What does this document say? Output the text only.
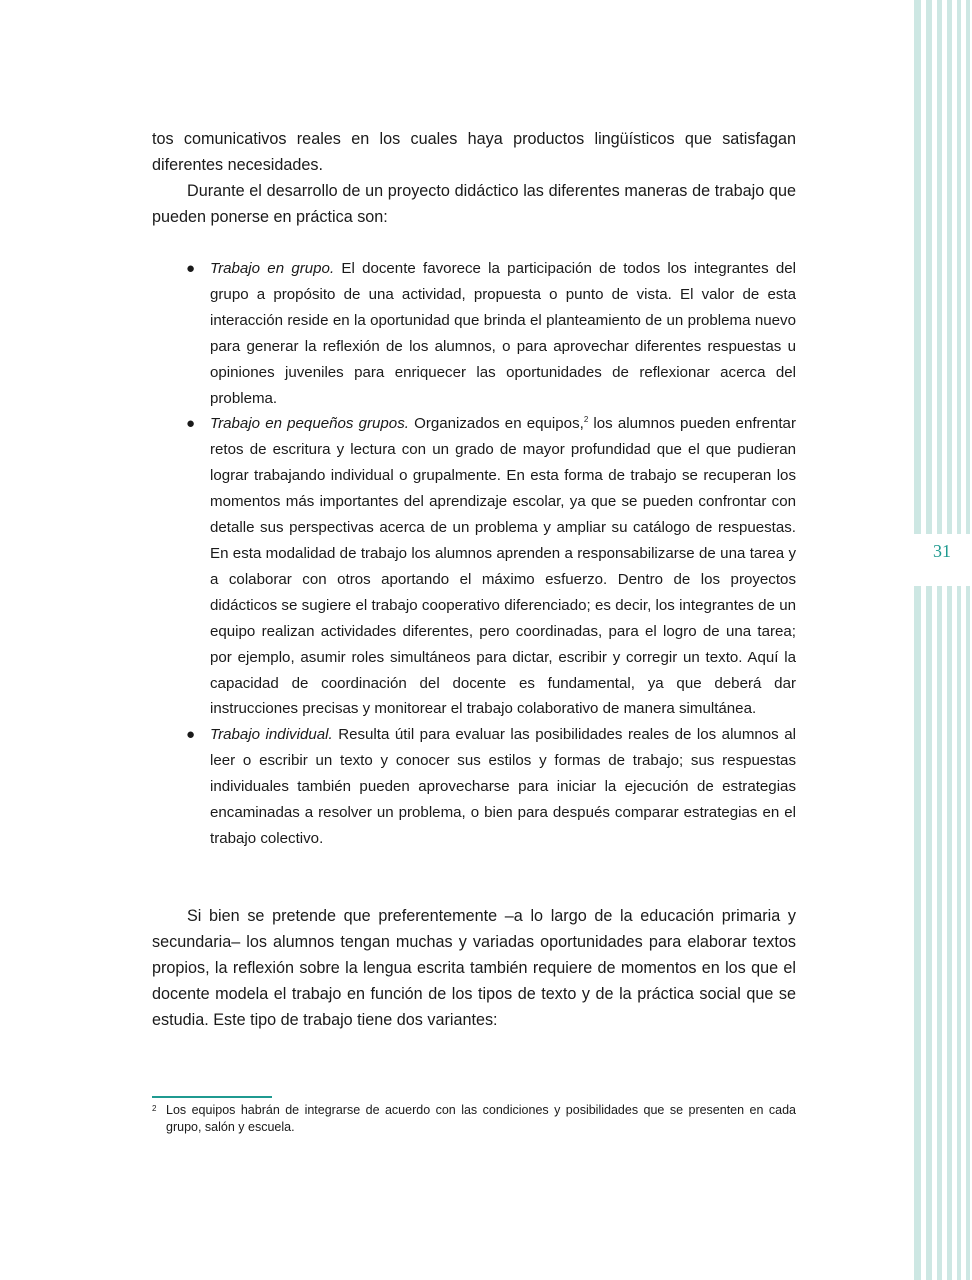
tos comunicativos reales en los cuales haya productos lingüísticos que satisfagan diferentes necesidades.

Durante el desarrollo de un proyecto didáctico las diferentes maneras de trabajo que pueden ponerse en práctica son:

● Trabajo en grupo. El docente favorece la participación de todos los integrantes del grupo a propósito de una actividad, propuesta o punto de vista. El valor de esta interacción reside en la oportunidad que brinda el planteamiento de un problema nuevo para generar la reflexión de los alumnos, o para aprovechar diferentes respuestas u opiniones juveniles para enriquecer las oportunidades de reflexionar acerca del problema.
● Trabajo en pequeños grupos. Organizados en equipos,$^2$ los alumnos pueden enfrentar retos de escritura y lectura con un grado de mayor profundidad que el que pudieran lograr trabajando individual o grupalmente. En esta forma de trabajo se recuperan los momentos más importantes del aprendizaje escolar, ya que se pueden confrontar con detalle sus perspectivas acerca de un problema y ampliar su catálogo de respuestas. En esta modalidad de trabajo los alumnos aprenden a responsabilizarse de una tarea y a colaborar con otros aportando el máximo esfuerzo. Dentro de los proyectos didácticos se sugiere el trabajo cooperativo diferenciado; es decir, los integrantes de un equipo realizan actividades diferentes, pero coordinadas, para el logro de una tarea; por ejemplo, asumir roles simultáneos para dictar, escribir y corregir un texto. Aquí la capacidad de coordinación del docente es fundamental, ya que deberá dar instrucciones precisas y monitorear el trabajo colaborativo de manera simultánea.
● Trabajo individual. Resulta útil para evaluar las posibilidades reales de los alumnos al leer o escribir un texto y conocer sus estilos y formas de trabajo; sus respuestas individuales también pueden aprovecharse para iniciar la ejecución de estrategias encaminadas a resolver un problema, o bien para después comparar estrategias en el trabajo colectivo.

Si bien se pretende que preferentemente –a lo largo de la educación primaria y secundaria– los alumnos tengan muchas y variadas oportunidades para elaborar textos propios, la reflexión sobre la lengua escrita también requiere de momentos en los que el docente modela el trabajo en función de los tipos de texto y de la práctica social que se estudia. Este tipo de trabajo tiene dos variantes:

2 Los equipos habrán de integrarse de acuerdo con las condiciones y posibilidades que se presenten en cada grupo, salón y escuela.
31
